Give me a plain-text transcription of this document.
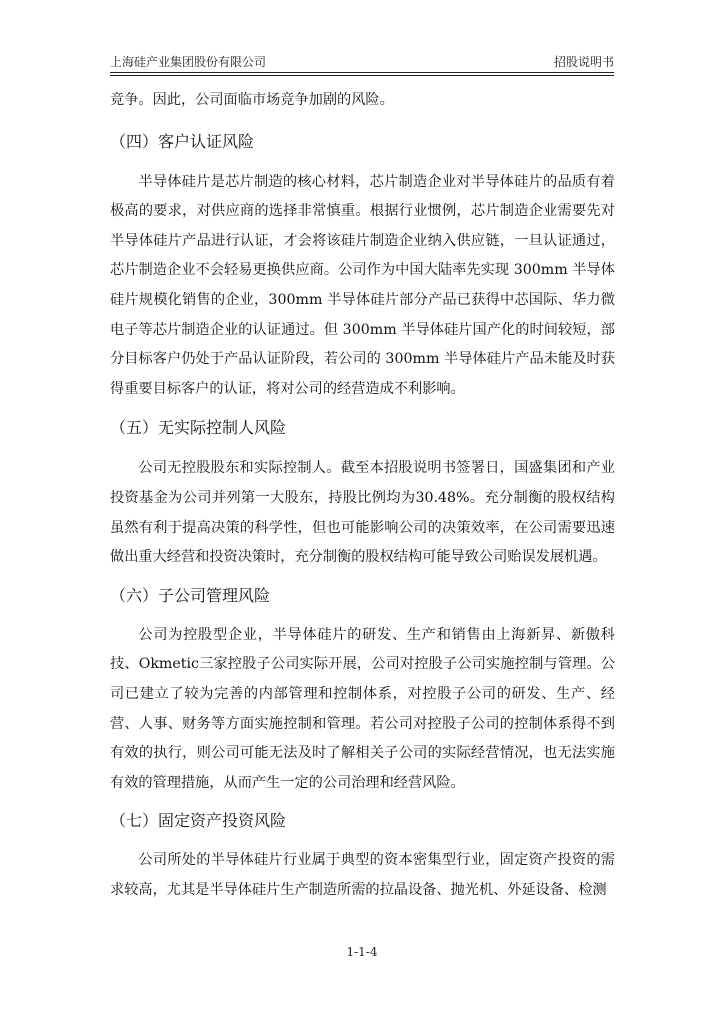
上海硅产业集团股份有限公司	招股说明书

竞争。因此，公司面临市场竞争加剧的风险。

（四）客户认证风险

半导体硅片是芯片制造的核心材料，芯片制造企业对半导体硅片的品质有着极高的要求，对供应商的选择非常慎重。根据行业惯例，芯片制造企业需要先对半导体硅片产品进行认证，才会将该硅片制造企业纳入供应链，一旦认证通过，芯片制造企业不会轻易更换供应商。公司作为中国大陆率先实现 300mm 半导体硅片规模化销售的企业，300mm 半导体硅片部分产品已获得中芯国际、华力微电子等芯片制造企业的认证通过。但 300mm 半导体硅片国产化的时间较短，部分目标客户仍处于产品认证阶段，若公司的 300mm 半导体硅片产品未能及时获得重要目标客户的认证，将对公司的经营造成不利影响。

（五）无实际控制人风险

公司无控股股东和实际控制人。截至本招股说明书签署日，国盛集团和产业投资基金为公司并列第一大股东，持股比例均为30.48%。充分制衡的股权结构虽然有利于提高决策的科学性，但也可能影响公司的决策效率，在公司需要迅速做出重大经营和投资决策时，充分制衡的股权结构可能导致公司贻误发展机遇。

（六）子公司管理风险

公司为控股型企业，半导体硅片的研发、生产和销售由上海新昇、新傲科技、Okmetic三家控股子公司实际开展，公司对控股子公司实施控制与管理。公司已建立了较为完善的内部管理和控制体系，对控股子公司的研发、生产、经营、人事、财务等方面实施控制和管理。若公司对控股子公司的控制体系得不到有效的执行，则公司可能无法及时了解相关子公司的实际经营情况，也无法实施有效的管理措施，从而产生一定的公司治理和经营风险。

（七）固定资产投资风险

公司所处的半导体硅片行业属于典型的资本密集型行业，固定资产投资的需求较高，尤其是半导体硅片生产制造所需的拉晶设备、抛光机、外延设备、检测

1-1-4
